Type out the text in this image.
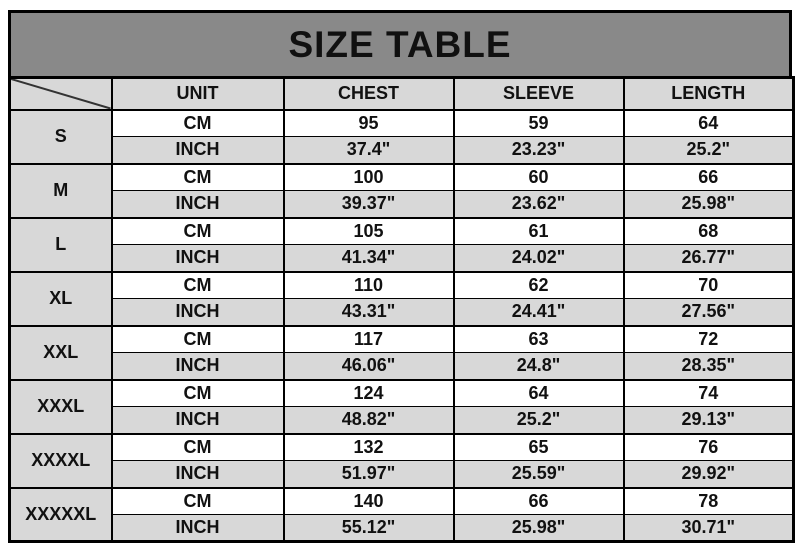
SIZE TABLE
	UNIT	CHEST	SLEEVE	LENGTH
S	CM	95	59	64
	INCH	37.4"	23.23"	25.2"
M	CM	100	60	66
	INCH	39.37"	23.62"	25.98"
L	CM	105	61	68
	INCH	41.34"	24.02"	26.77"
XL	CM	110	62	70
	INCH	43.31"	24.41"	27.56"
XXL	CM	117	63	72
	INCH	46.06"	24.8"	28.35"
XXXL	CM	124	64	74
	INCH	48.82"	25.2"	29.13"
XXXXL	CM	132	65	76
	INCH	51.97"	25.59"	29.92"
XXXXXL	CM	140	66	78
	INCH	55.12"	25.98"	30.71"
